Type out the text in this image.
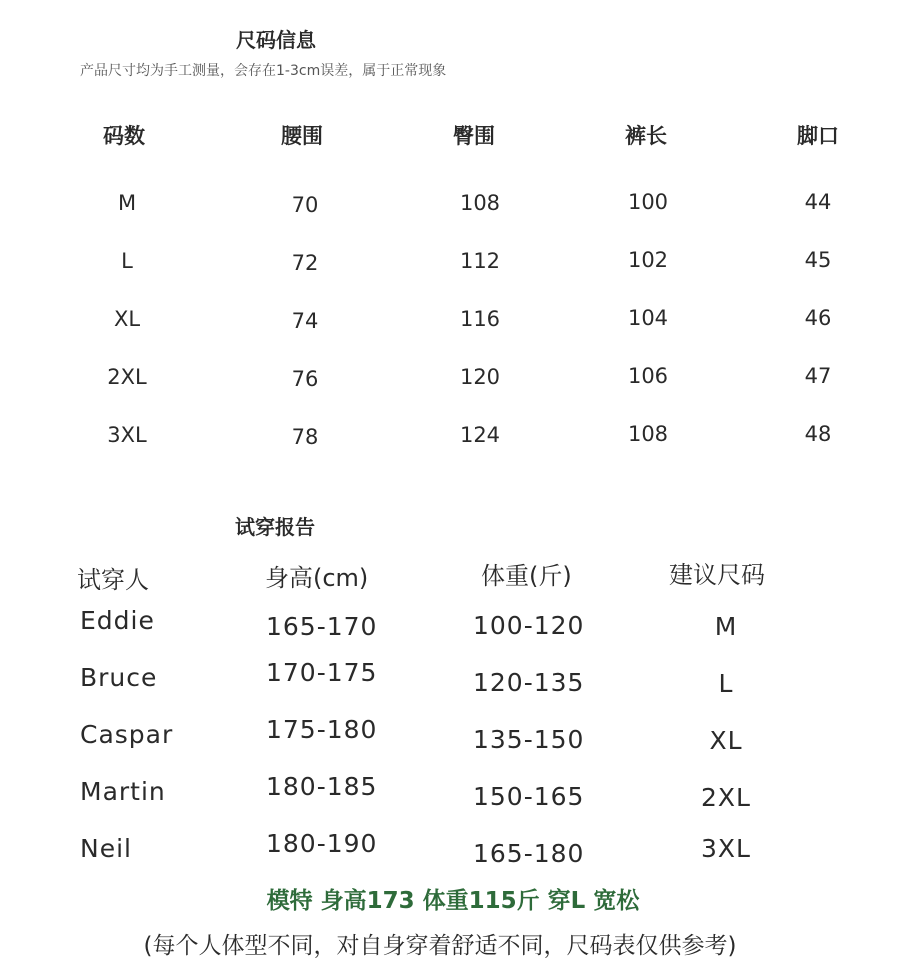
尺码信息
产品尺寸均为手工测量，会存在1-3cm误差，属于正常现象
码数	腰围	臀围	裤长	脚口
M	70	108	100	44
L	72	112	102	45
XL	74	116	104	46
2XL	76	120	106	47
3XL	78	124	108	48
试穿报告
试穿人	身高(cm)	体重(斤)	建议尺码
Eddie	165-170	100-120	M
Bruce	170-175	120-135	L
Caspar	175-180	135-150	XL
Martin	180-185	150-165	2XL
Neil	180-190	165-180	3XL
模特 身高173 体重115斤 穿L 宽松
(每个人体型不同，对自身穿着舒适不同，尺码表仅供参考)
